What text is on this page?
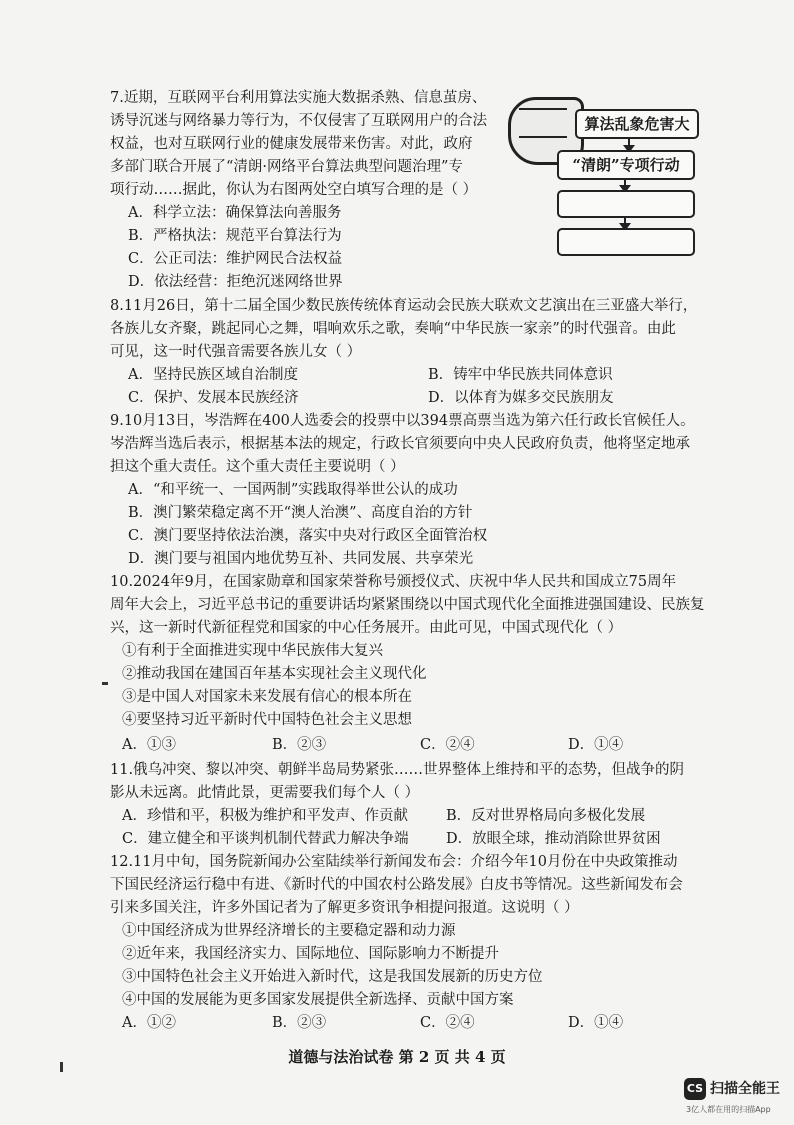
7.近期，互联网平台利用算法实施大数据杀熟、信息茧房、
诱导沉迷与网络暴力等行为，不仅侵害了互联网用户的合法
权益，也对互联网行业的健康发展带来伤害。对此，政府
多部门联合开展了“清朗·网络平台算法典型问题治理”专
项行动……据此，你认为右图两处空白填写合理的是（ ）
A．科学立法：确保算法向善服务
B．严格执法：规范平台算法行为
C．公正司法：维护网民合法权益
D．依法经营：拒绝沉迷网络世界
算法乱象危害大
“清朗”专项行动
8.11月26日，第十二届全国少数民族传统体育运动会民族大联欢文艺演出在三亚盛大举行，
各族儿女齐聚，跳起同心之舞，唱响欢乐之歌，奏响“中华民族一家亲”的时代强音。由此
可见，这一时代强音需要各族儿女（ ）
A．坚持民族区域自治制度	B．铸牢中华民族共同体意识
C．保护、发展本民族经济	D．以体育为媒多交民族朋友
9.10月13日，岑浩辉在400人选委会的投票中以394票高票当选为第六任行政长官候任人。
岑浩辉当选后表示，根据基本法的规定，行政长官须要向中央人民政府负责，他将坚定地承
担这个重大责任。这个重大责任主要说明（ ）
A．“和平统一、一国两制”实践取得举世公认的成功
B．澳门繁荣稳定离不开“澳人治澳”、高度自治的方针
C．澳门要坚持依法治澳，落实中央对行政区全面管治权
D．澳门要与祖国内地优势互补、共同发展、共享荣光
10.2024年9月，在国家勋章和国家荣誉称号颁授仪式、庆祝中华人民共和国成立75周年
周年大会上，习近平总书记的重要讲话均紧紧围绕以中国式现代化全面推进强国建设、民族复
兴，这一新时代新征程党和国家的中心任务展开。由此可见，中国式现代化（ ）
①有利于全面推进实现中华民族伟大复兴
②推动我国在建国百年基本实现社会主义现代化
③是中国人对国家未来发展有信心的根本所在
④要坚持习近平新时代中国特色社会主义思想
A．①③	B．②③	C．②④	D．①④
11.俄乌冲突、黎以冲突、朝鲜半岛局势紧张……世界整体上维持和平的态势，但战争的阴
影从未远离。此情此景，更需要我们每个人（ ）
A．珍惜和平，积极为维护和平发声、作贡献	B．反对世界格局向多极化发展
C．建立健全和平谈判机制代替武力解决争端	D．放眼全球，推动消除世界贫困
12.11月中旬，国务院新闻办公室陆续举行新闻发布会：介绍今年10月份在中央政策推动
下国民经济运行稳中有进、《新时代的中国农村公路发展》白皮书等情况。这些新闻发布会
引来多国关注，许多外国记者为了解更多资讯争相提问报道。这说明（ ）
①中国经济成为世界经济增长的主要稳定器和动力源
②近年来，我国经济实力、国际地位、国际影响力不断提升
③中国特色社会主义开始进入新时代，这是我国发展新的历史方位
④中国的发展能为更多国家发展提供全新选择、贡献中国方案
A．①②	B．②③	C．②④	D．①④
道德与法治试卷 第 2 页 共 4 页
CS 扫描全能王
3亿人都在用的扫描App
